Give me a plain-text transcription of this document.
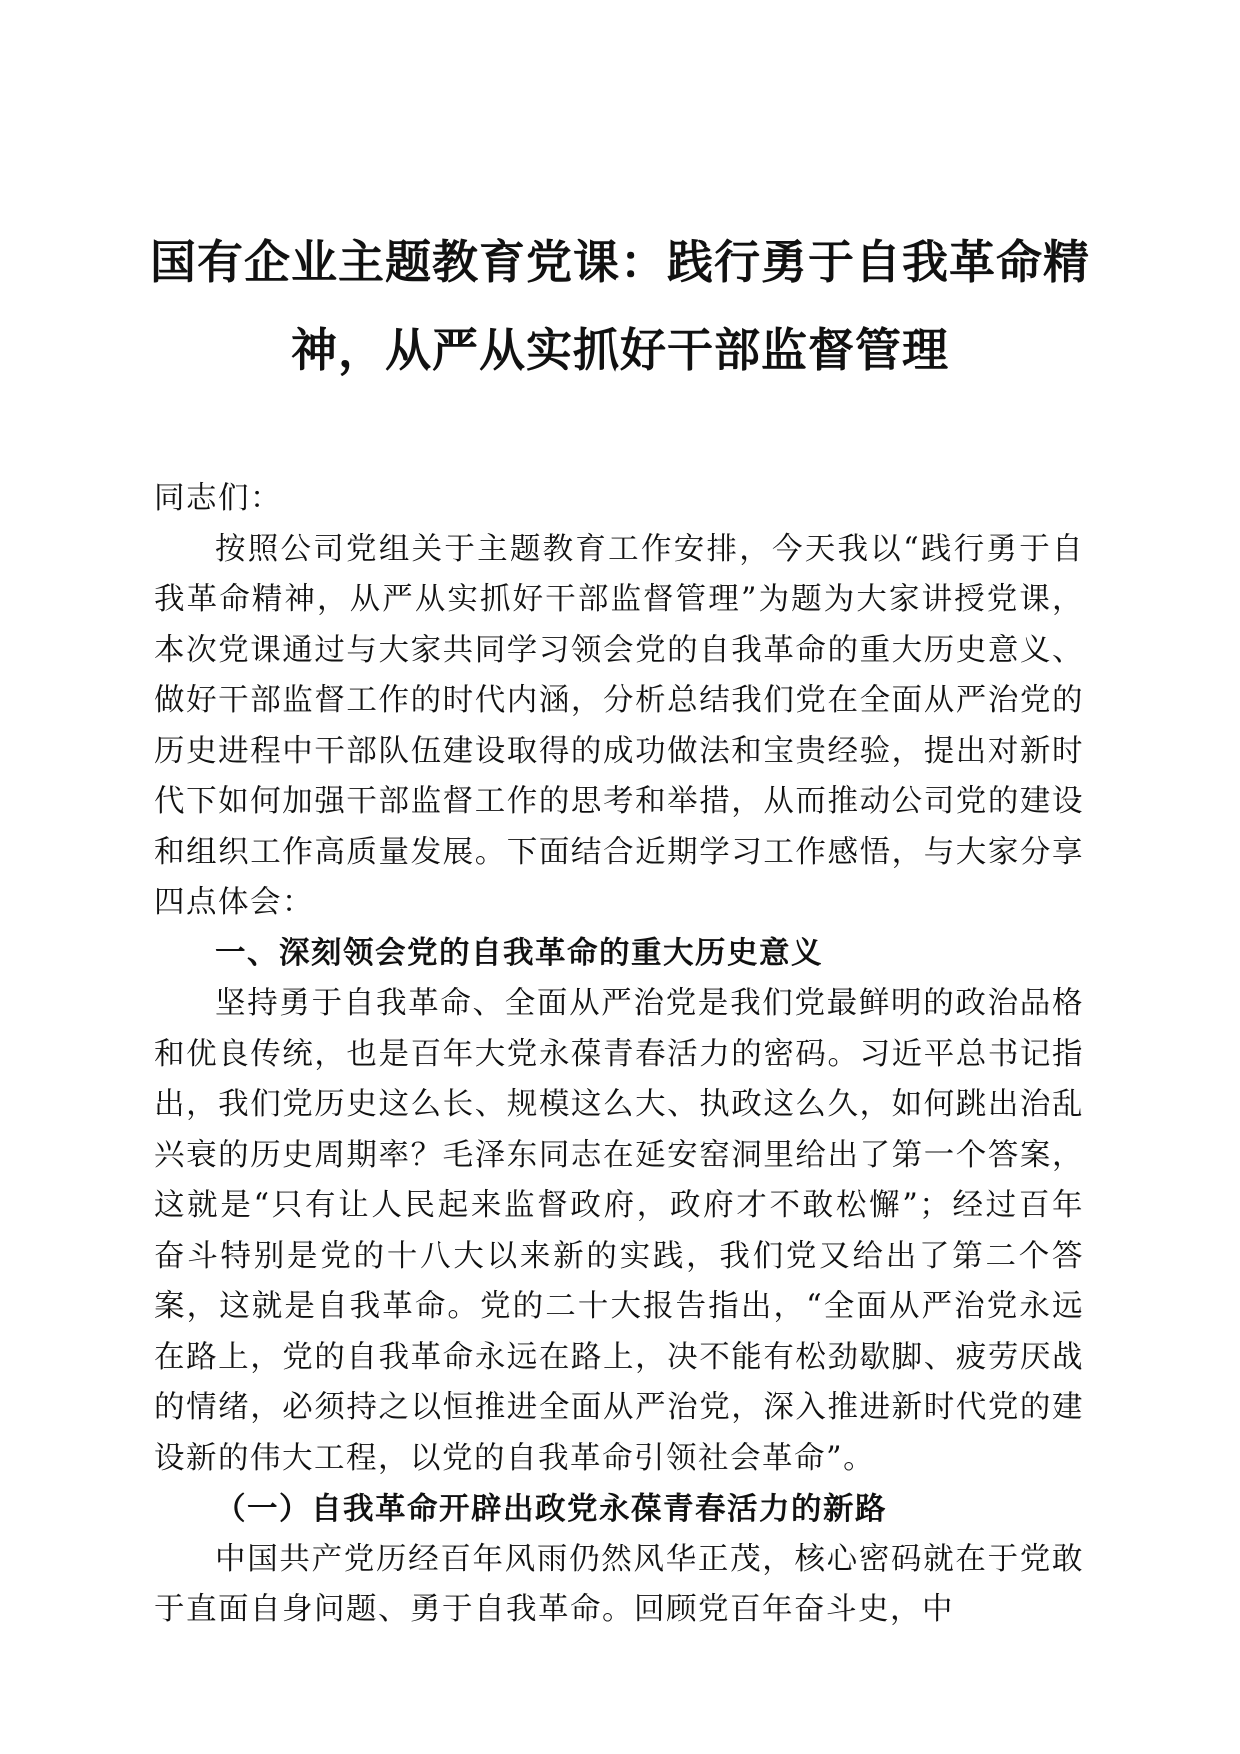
国有企业主题教育党课：践行勇于自我革命精
神，从严从实抓好干部监督管理

同志们：

按照公司党组关于主题教育工作安排，今天我以“践行勇于自我革命精神，从严从实抓好干部监督管理”为题为大家讲授党课，本次党课通过与大家共同学习领会党的自我革命的重大历史意义、做好干部监督工作的时代内涵，分析总结我们党在全面从严治党的历史进程中干部队伍建设取得的成功做法和宝贵经验，提出对新时代下如何加强干部监督工作的思考和举措，从而推动公司党的建设和组织工作高质量发展。下面结合近期学习工作感悟，与大家分享四点体会：

一、深刻领会党的自我革命的重大历史意义

坚持勇于自我革命、全面从严治党是我们党最鲜明的政治品格和优良传统，也是百年大党永葆青春活力的密码。习近平总书记指出，我们党历史这么长、规模这么大、执政这么久，如何跳出治乱兴衰的历史周期率？毛泽东同志在延安窑洞里给出了第一个答案，这就是“只有让人民起来监督政府，政府才不敢松懈”；经过百年奋斗特别是党的十八大以来新的实践，我们党又给出了第二个答案，这就是自我革命。党的二十大报告指出，“全面从严治党永远在路上，党的自我革命永远在路上，决不能有松劲歇脚、疲劳厌战的情绪，必须持之以恒推进全面从严治党，深入推进新时代党的建设新的伟大工程，以党的自我革命引领社会革命”。

（一）自我革命开辟出政党永葆青春活力的新路

中国共产党历经百年风雨仍然风华正茂，核心密码就在于党敢于直面自身问题、勇于自我革命。回顾党百年奋斗史，中
